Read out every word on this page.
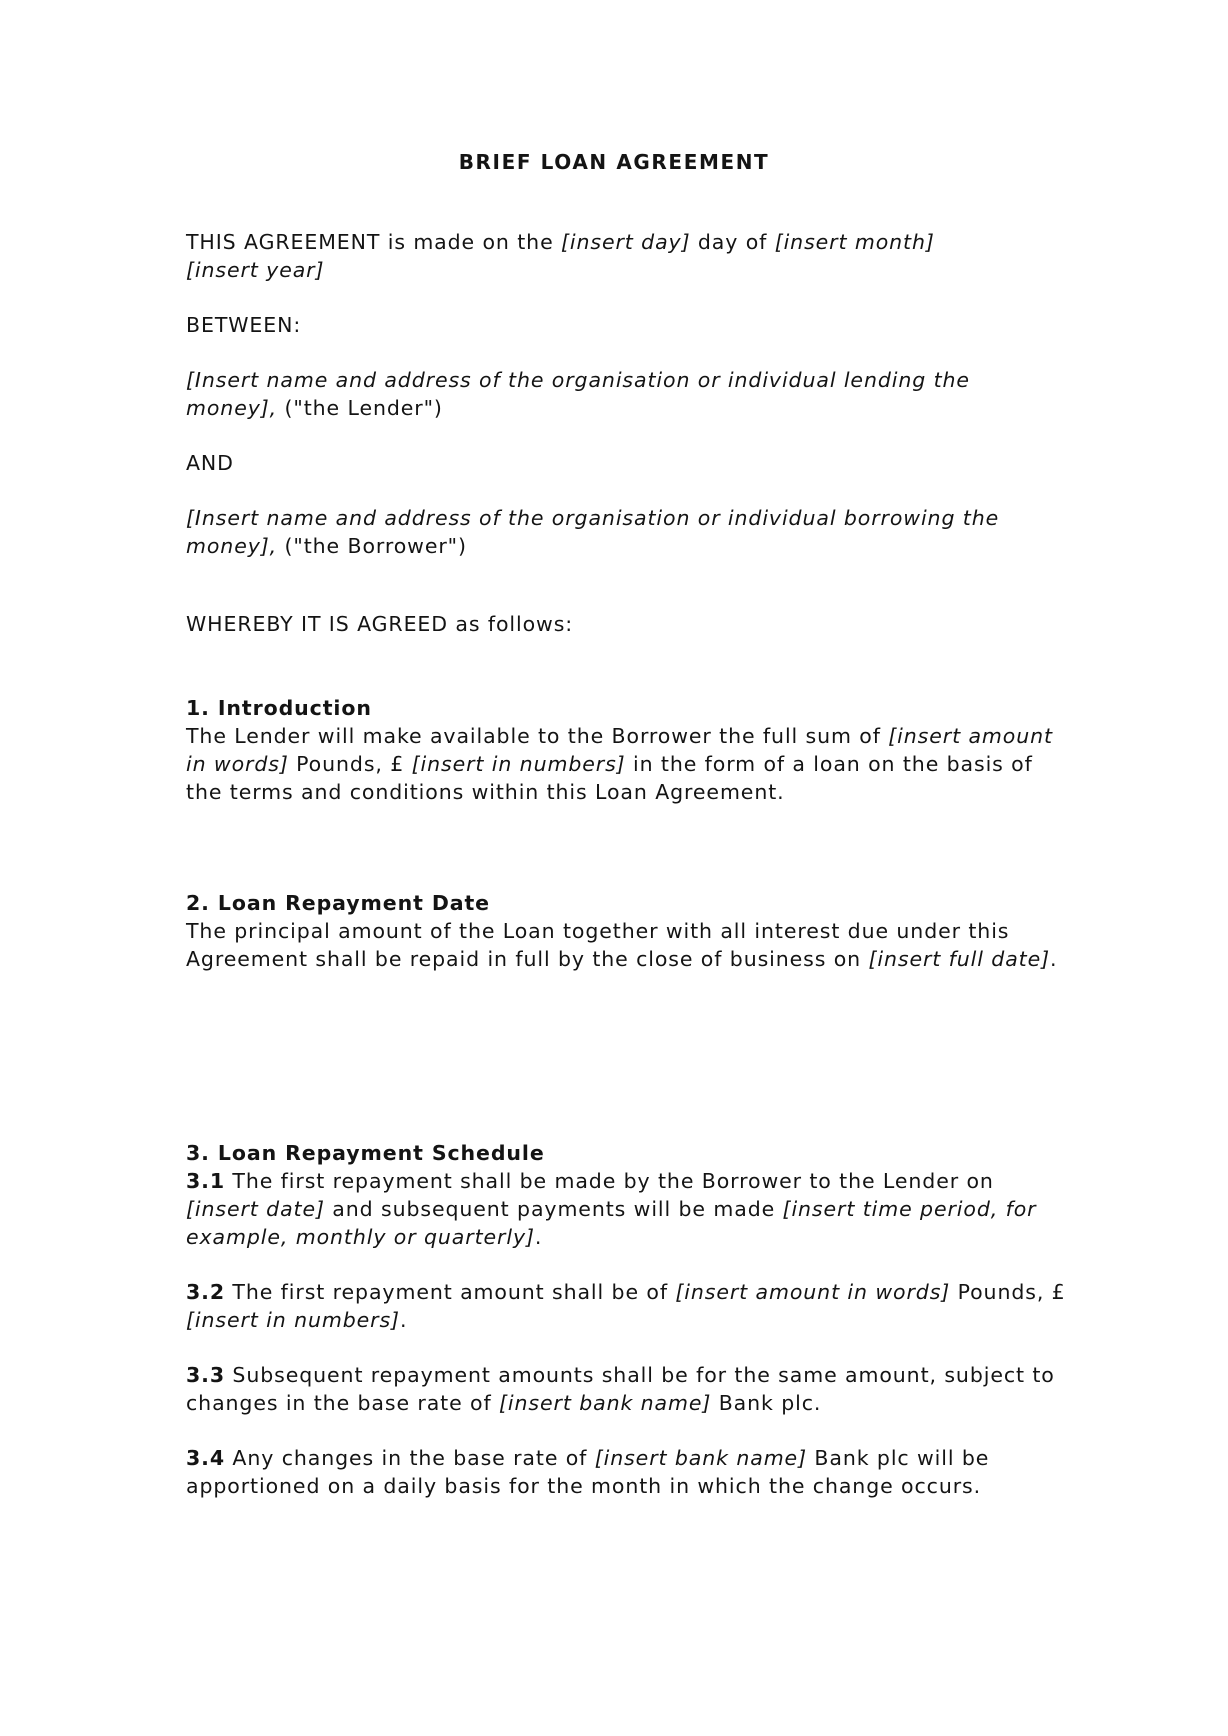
BRIEF LOAN AGREEMENT

THIS AGREEMENT is made on the [insert day] day of [insert month] [insert year]

BETWEEN:

[Insert name and address of the organisation or individual lending the money], ("the Lender")

AND

[Insert name and address of the organisation or individual borrowing the money], ("the Borrower")

WHEREBY IT IS AGREED as follows:

1. Introduction

The Lender will make available to the Borrower the full sum of [insert amount in words] Pounds, £ [insert in numbers] in the form of a loan on the basis of the terms and conditions within this Loan Agreement.

2. Loan Repayment Date

The principal amount of the Loan together with all interest due under this Agreement shall be repaid in full by the close of business on [insert full date].

3. Loan Repayment Schedule

3.1 The first repayment shall be made by the Borrower to the Lender on [insert date] and subsequent payments will be made [insert time period, for example, monthly or quarterly].

3.2 The first repayment amount shall be of [insert amount in words] Pounds, £ [insert in numbers].

3.3 Subsequent repayment amounts shall be for the same amount, subject to changes in the base rate of [insert bank name] Bank plc.

3.4 Any changes in the base rate of [insert bank name] Bank plc will be apportioned on a daily basis for the month in which the change occurs.
